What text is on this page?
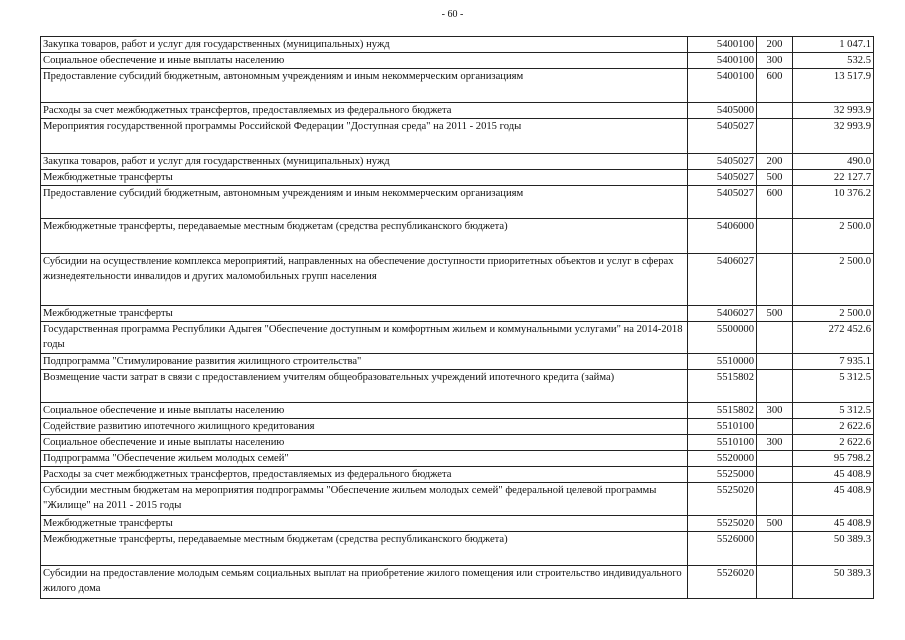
- 60 -
Закупка товаров, работ и услуг для государственных (муниципальных) нужд	5400100	200	1 047.1
Социальное обеспечение и иные выплаты населению	5400100	300	532.5
Предоставление субсидий бюджетным, автономным учреждениям и иным некоммерческим организациям	5400100	600	13 517.9
Расходы за счет межбюджетных трансфертов, предоставляемых из федерального бюджета	5405000		32 993.9
Мероприятия государственной программы Российской Федерации "Доступная среда" на 2011 - 2015 годы	5405027		32 993.9
Закупка товаров, работ и услуг для государственных (муниципальных) нужд	5405027	200	490.0
Межбюджетные трансферты	5405027	500	22 127.7
Предоставление субсидий бюджетным, автономным учреждениям и иным некоммерческим организациям	5405027	600	10 376.2
Межбюджетные трансферты, передаваемые местным бюджетам (средства республиканского бюджета)	5406000		2 500.0
Субсидии на осуществление комплекса мероприятий, направленных на обеспечение доступности приоритетных объектов и услуг в сферах жизнедеятельности инвалидов и других маломобильных групп населения	5406027		2 500.0
Межбюджетные трансферты	5406027	500	2 500.0
Государственная программа Республики Адыгея "Обеспечение доступным и комфортным жильем и коммунальными услугами" на 2014-2018 годы	5500000		272 452.6
Подпрограмма "Стимулирование развития жилищного строительства"	5510000		7 935.1
Возмещение части затрат в связи с предоставлением учителям общеобразовательных учреждений ипотечного кредита (займа)	5515802		5 312.5
Социальное обеспечение и иные выплаты населению	5515802	300	5 312.5
Содействие развитию ипотечного жилищного кредитования	5510100		2 622.6
Социальное обеспечение и иные выплаты населению	5510100	300	2 622.6
Подпрограмма "Обеспечение жильем молодых семей"	5520000		95 798.2
Расходы за счет межбюджетных трансфертов, предоставляемых из федерального бюджета	5525000		45 408.9
Субсидии местным бюджетам на мероприятия подпрограммы "Обеспечение жильем молодых семей" федеральной целевой программы "Жилище" на 2011 - 2015 годы	5525020		45 408.9
Межбюджетные трансферты	5525020	500	45 408.9
Межбюджетные трансферты, передаваемые местным бюджетам (средства республиканского бюджета)	5526000		50 389.3
Субсидии на предоставление молодым семьям социальных выплат на приобретение жилого помещения или строительство индивидуального жилого дома	5526020		50 389.3
